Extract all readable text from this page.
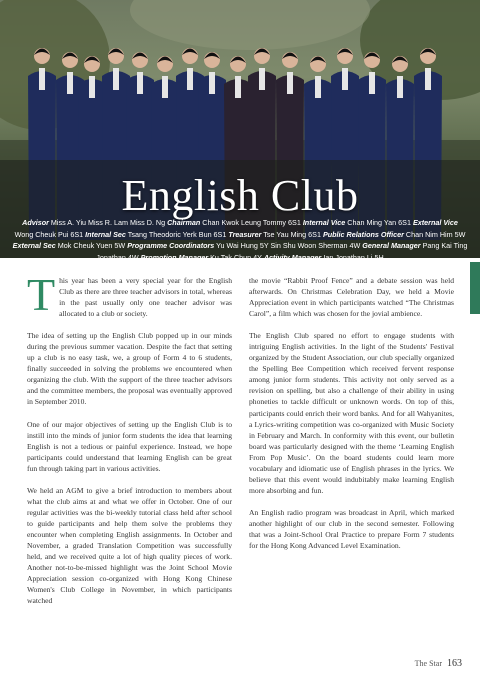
English Club
Advisor Miss A. Yiu Miss R. Lam Miss D. Ng Chairman Chan Kwok Leung Tommy 6S1 Internal Vice Chan Ming Yan 6S1 External Vice Wong Cheuk Pui 6S1 Internal Sec Tsang Theodoric Yerk Bun 6S1 Treasurer Tse Yau Ming 6S1 Public Relations Officer Chan Nim Him 5W External Sec Mok Cheuk Yuen 5W Programme Coordinators Yu Wai Hung 5Y Sin Shu Woon Sherman 4W General Manager Pang Kai Ting Jonathan 4W Promotion Manager Ku Tak Chun 4Y Activity Manager Ian Jonathan Li 5H

This year has been a very special year for the English Club as there are three teacher advisors in total, whereas in the past usually only one teacher advisor was allocated to a club or society.

The idea of setting up the English Club popped up in our minds during the previous summer vacation. Despite the fact that setting up a club is no easy task, we, a group of Form 4 to 6 students, finally succeeded in solving the problems we encountered when organizing the club. With the support of the three teacher advisors and the committee members, the proposal was eventually approved in September 2010.

One of our major objectives of setting up the English Club is to instill into the minds of junior form students the idea that learning English is not a tedious or painful experience. Instead, we hope participants could understand that learning English can be great fun through taking part in various activities.

We held an AGM to give a brief introduction to members about what the club aims at and what we offer in October. One of our regular activities was the bi-weekly tutorial class held after school to guide participants and help them solve the problems they encounter when completing English assignments. In October and November, a graded Translation Competition was successfully held, and we received quite a lot of high quality pieces of work. Another not-to-be-missed highlight was the Joint School Movie Appreciation session co-organized with Hong Kong Chinese Women's Club College in November, in which participants watched

the movie “Rabbit Proof Fence” and a debate session was held afterwards. On Christmas Celebration Day, we held a Movie Appreciation event in which participants watched “The Christmas Carol”, a film which was chosen for the jovial ambience.

The English Club spared no effort to engage students with intriguing English activities. In the light of the Students' Festival organized by the Student Association, our club specially organized the Spelling Bee Competition which received fervent response among junior form students. This activity not only served as a revision on spelling, but also a challenge of their ability in using phoneties to tackle difficult or unknown words. On top of this, participants could enrich their word banks. And for all Wahyanites, a Lyrics-writing competition was co-organized with Music Society in February and March. In conformity with this event, our bulletin board was particularly designed with the theme ‘Learning English From Pop Music’. On the board students could learn more vocabulary and idiomatic use of English phrases in the lyrics. We believe that this event would indubitably make learning English more absorbing and fun.

An English radio program was broadcast in April, which marked another highlight of our club in the second semester. Following that was a Joint-School Oral Practice to prepare Form 7 students for the Hong Kong Advanced Level Examination.

The Star 163
